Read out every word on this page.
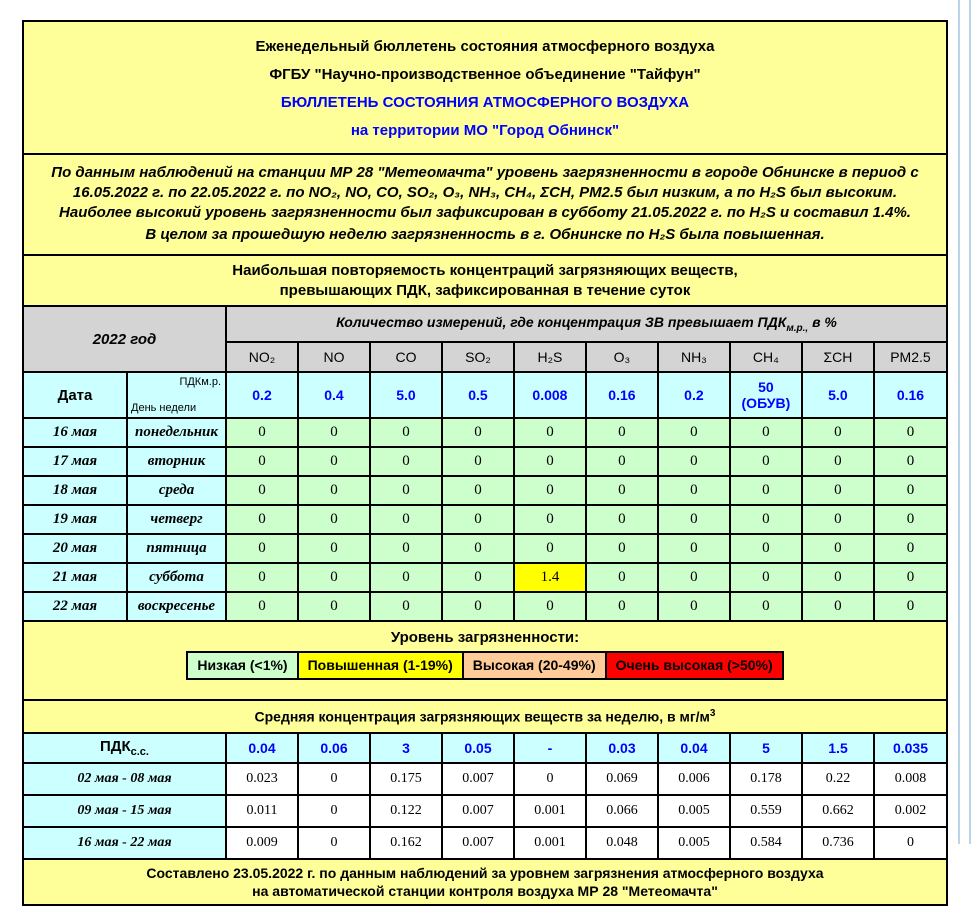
Еженедельный бюллетень состояния атмосферного воздуха

ФГБУ "Научно-производственное объединение "Тайфун"

БЮЛЛЕТЕНЬ СОСТОЯНИЯ АТМОСФЕРНОГО ВОЗДУХА

на территории МО "Город Обнинск"

По данным наблюдений на станции МР 28 "Метеомачта" уровень загрязненности в городе Обнинске в период с 16.05.2022 г. по 22.05.2022 г. по NO₂, NO, CO, SO₂, O₃, NH₃, CH₄, ΣCH, PM2.5 был низким, а по H₂S был высоким. Наиболее высокий уровень загрязненности был зафиксирован в субботу 21.05.2022 г. по H₂S и составил 1.4%.

В целом за прошедшую неделю загрязненность в г. Обнинске по H₂S была повышенная.

Наибольшая повторяемость концентраций загрязняющих веществ,
превышающих ПДК, зафиксированная в течение суток
2022 год		Количество измерений, где концентрация ЗВ превышает $ПДК_{м.р.,}$ в %									
		NO₂	NO	CO	SO₂	H₂S	O₃	NH₃	CH₄	ΣCH	PM2.5
Дата	ПДКм.р.
День недели	0.2	0.4	5.0	0.5	0.008	0.16	0.2	50
(ОБУВ)	5.0	0.16
16 мая	понедельник	0	0	0	0	0	0	0	0	0	0
17 мая	вторник	0	0	0	0	0	0	0	0	0	0
18 мая	среда	0	0	0	0	0	0	0	0	0	0
19 мая	четверг	0	0	0	0	0	0	0	0	0	0
20 мая	пятница	0	0	0	0	0	0	0	0	0	0
21 мая	суббота	0	0	0	0	1.4	0	0	0	0	0
22 мая	воскресенье	0	0	0	0	0	0	0	0	0	0
Уровень загрязненности:
Низкая (<1%)	Повышенная (1-19%)	Высокая (20-49%)	Очень высокая (>50%)
Средняя концентрация загрязняющих веществ за неделю, в $мг/м^3$
$ПДК_{с.с.}$	0.04	0.06	3	0.05	-	0.03	0.04	5	1.5	0.035
02 мая - 08 мая	0.023	0	0.175	0.007	0	0.069	0.006	0.178	0.22	0.008
09 мая - 15 мая	0.011	0	0.122	0.007	0.001	0.066	0.005	0.559	0.662	0.002
16 мая - 22 мая	0.009	0	0.162	0.007	0.001	0.048	0.005	0.584	0.736	0
Составлено 23.05.2022 г. по данным наблюдений за уровнем загрязнения атмосферного воздуха
на автоматической станции контроля воздуха МР 28 "Метеомачта"
